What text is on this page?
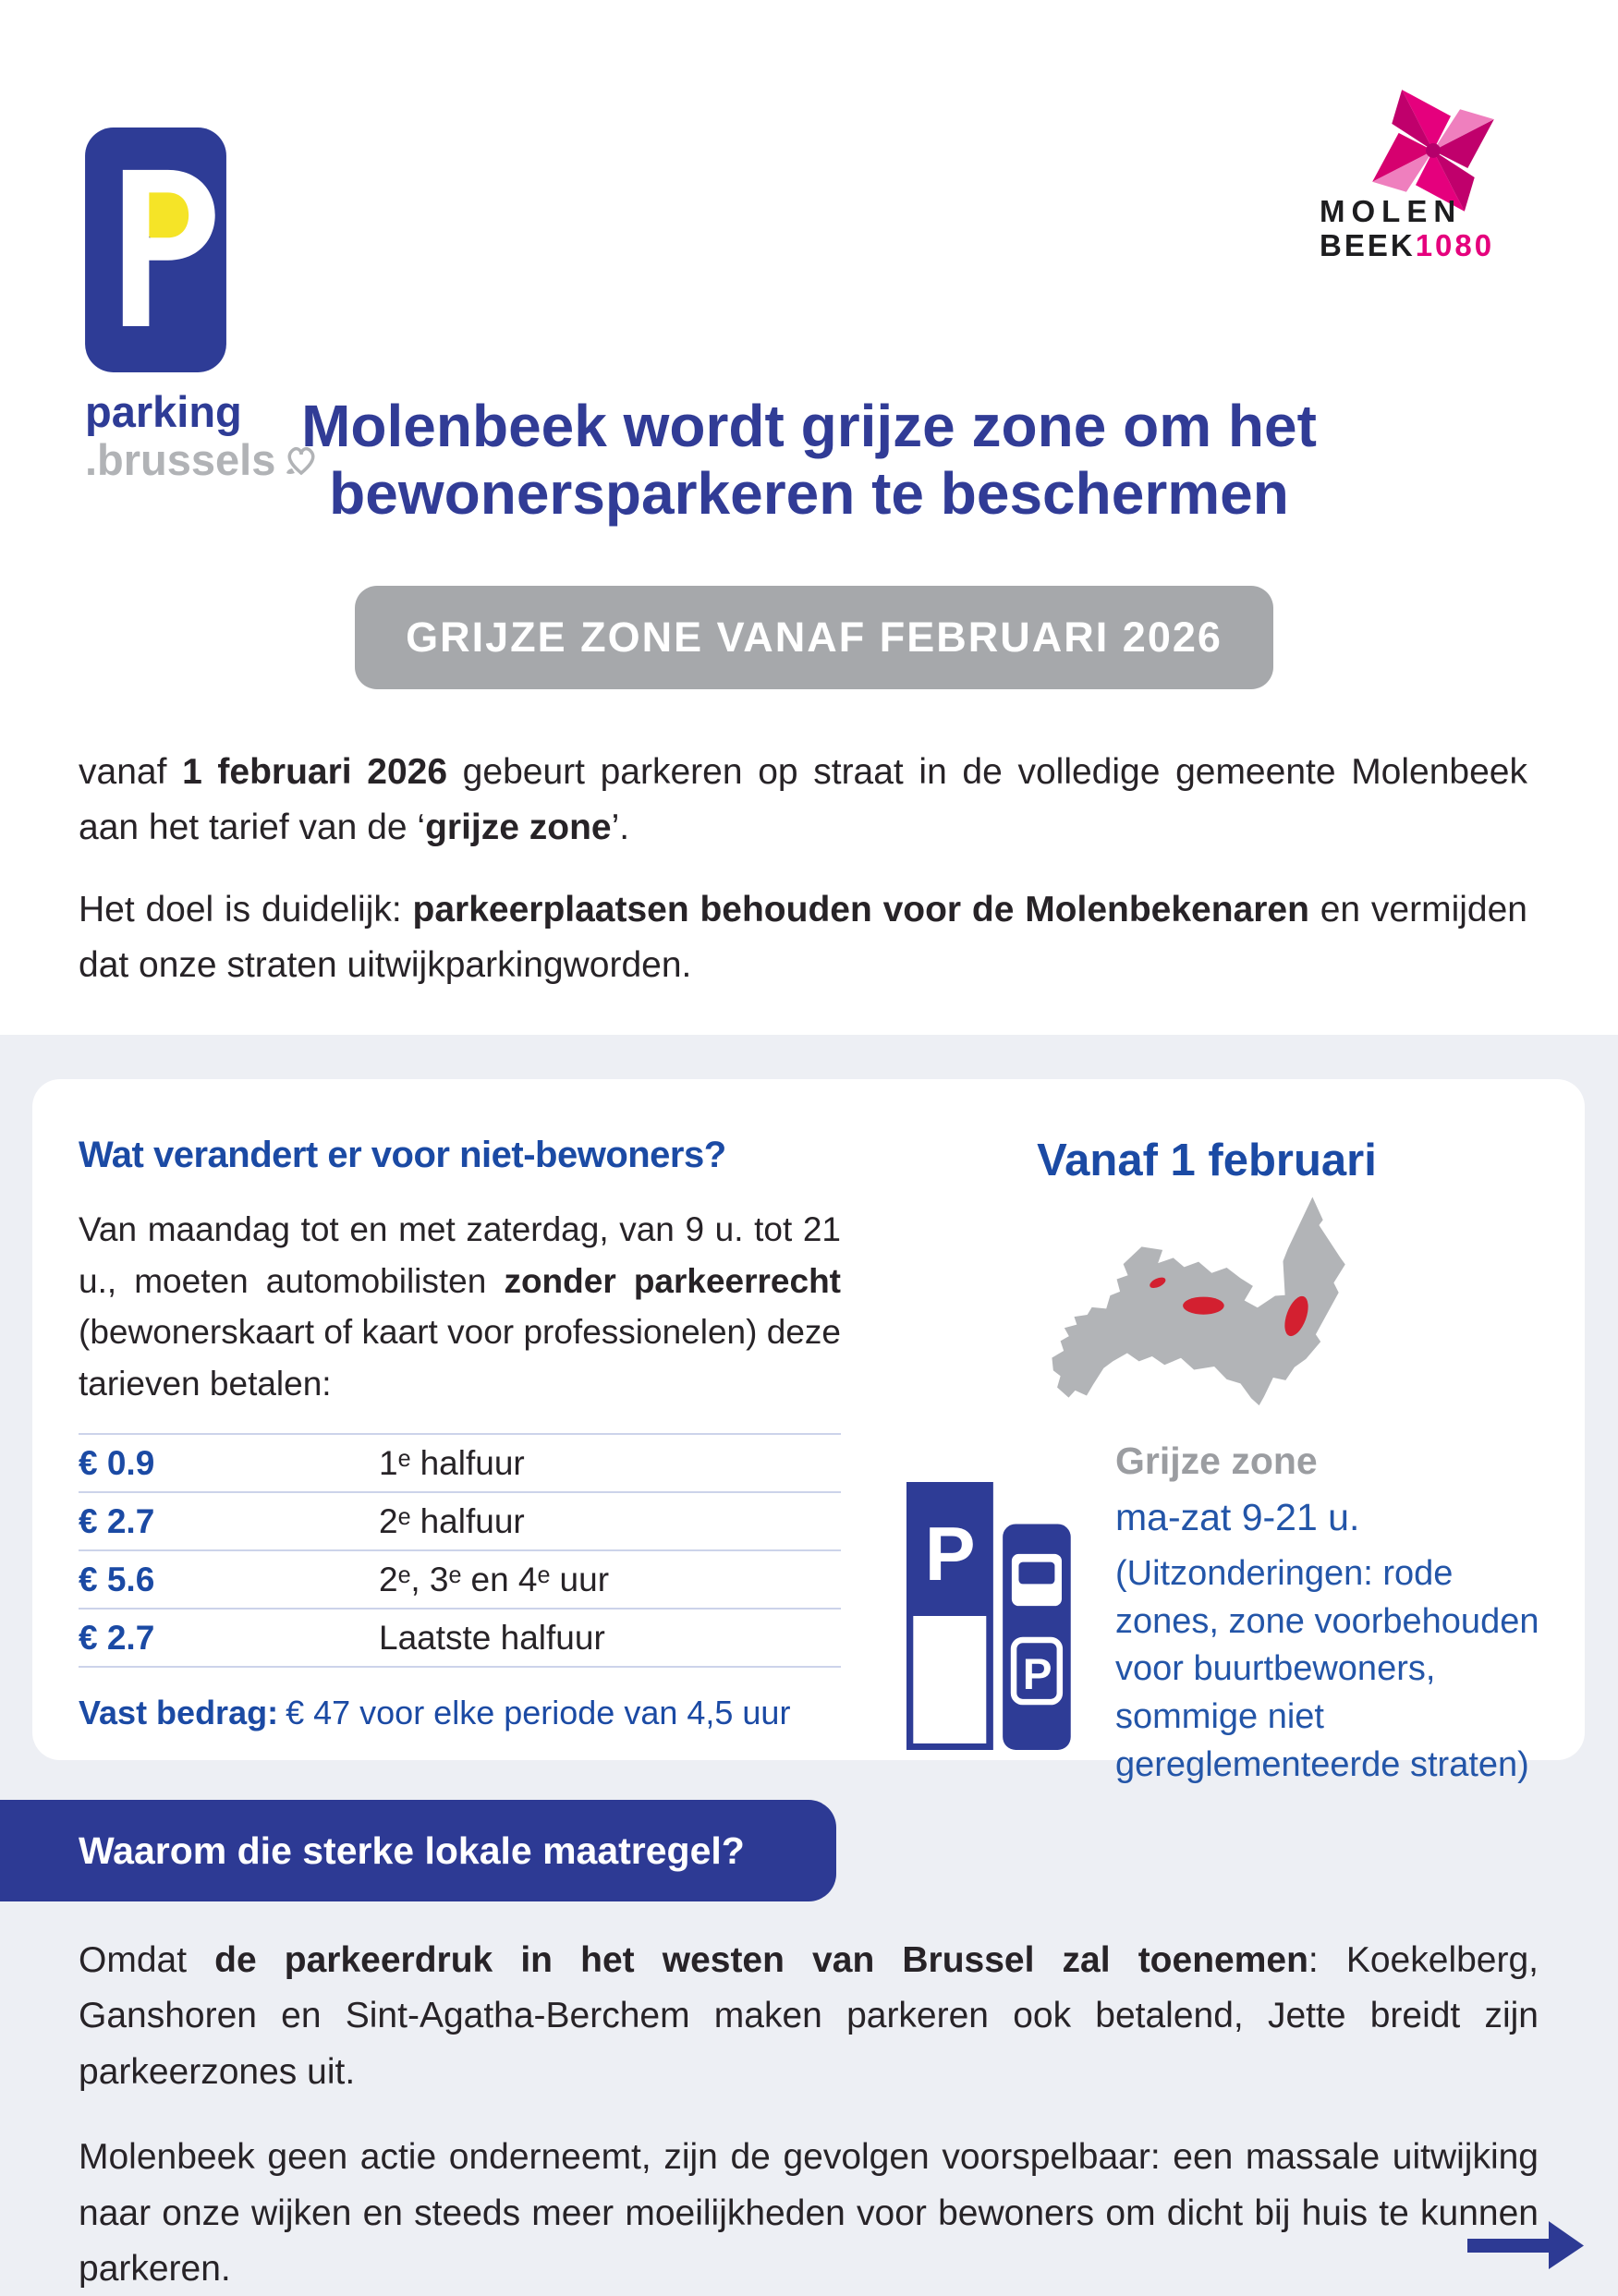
parking
.brussels
MOLEN
BEEK1080
Molenbeek wordt grijze zone om het
bewonersparkeren te beschermen
GRIJZE ZONE VANAF FEBRUARI 2026

vanaf 1 februari 2026 gebeurt parkeren op straat in de volledige gemeente Molenbeek aan het tarief van de ‘grijze zone’.

Het doel is duidelijk: parkeerplaatsen behouden voor de Molenbekenaren en vermijden dat onze straten uitwijkparkingworden.

Wat verandert er voor niet-bewoners?
Van maandag tot en met zaterdag, van 9 u. tot 21 u., moeten automobilisten zonder parkeerrecht (bewonerskaart of kaart voor professionelen) deze tarieven betalen:
€ 0.9	1ᵉ halfuur
€ 2.7	2ᵉ halfuur
€ 5.6	2ᵉ, 3ᵉ en 4ᵉ uur
€ 2.7	Laatste halfuur
Vast bedrag: € 47 voor elke periode van 4,5 uur
Vanaf 1 februari
P
P
Grijze zone
ma-zat 9-21 u.
(Uitzonderingen: rode zones, zone voorbehouden voor buurtbewoners, sommige niet gereglementeerde straten)
Waarom die sterke lokale maatregel?

Omdat de parkeerdruk in het westen van Brussel zal toenemen: Koekelberg, Ganshoren en Sint-Agatha-Berchem maken parkeren ook betalend, Jette breidt zijn parkeerzones uit.

Molenbeek geen actie onderneemt, zijn de gevolgen voorspelbaar: een massale uitwijking naar onze wijken en steeds meer moeilijkheden voor bewoners om dicht bij huis te kunnen parkeren.
